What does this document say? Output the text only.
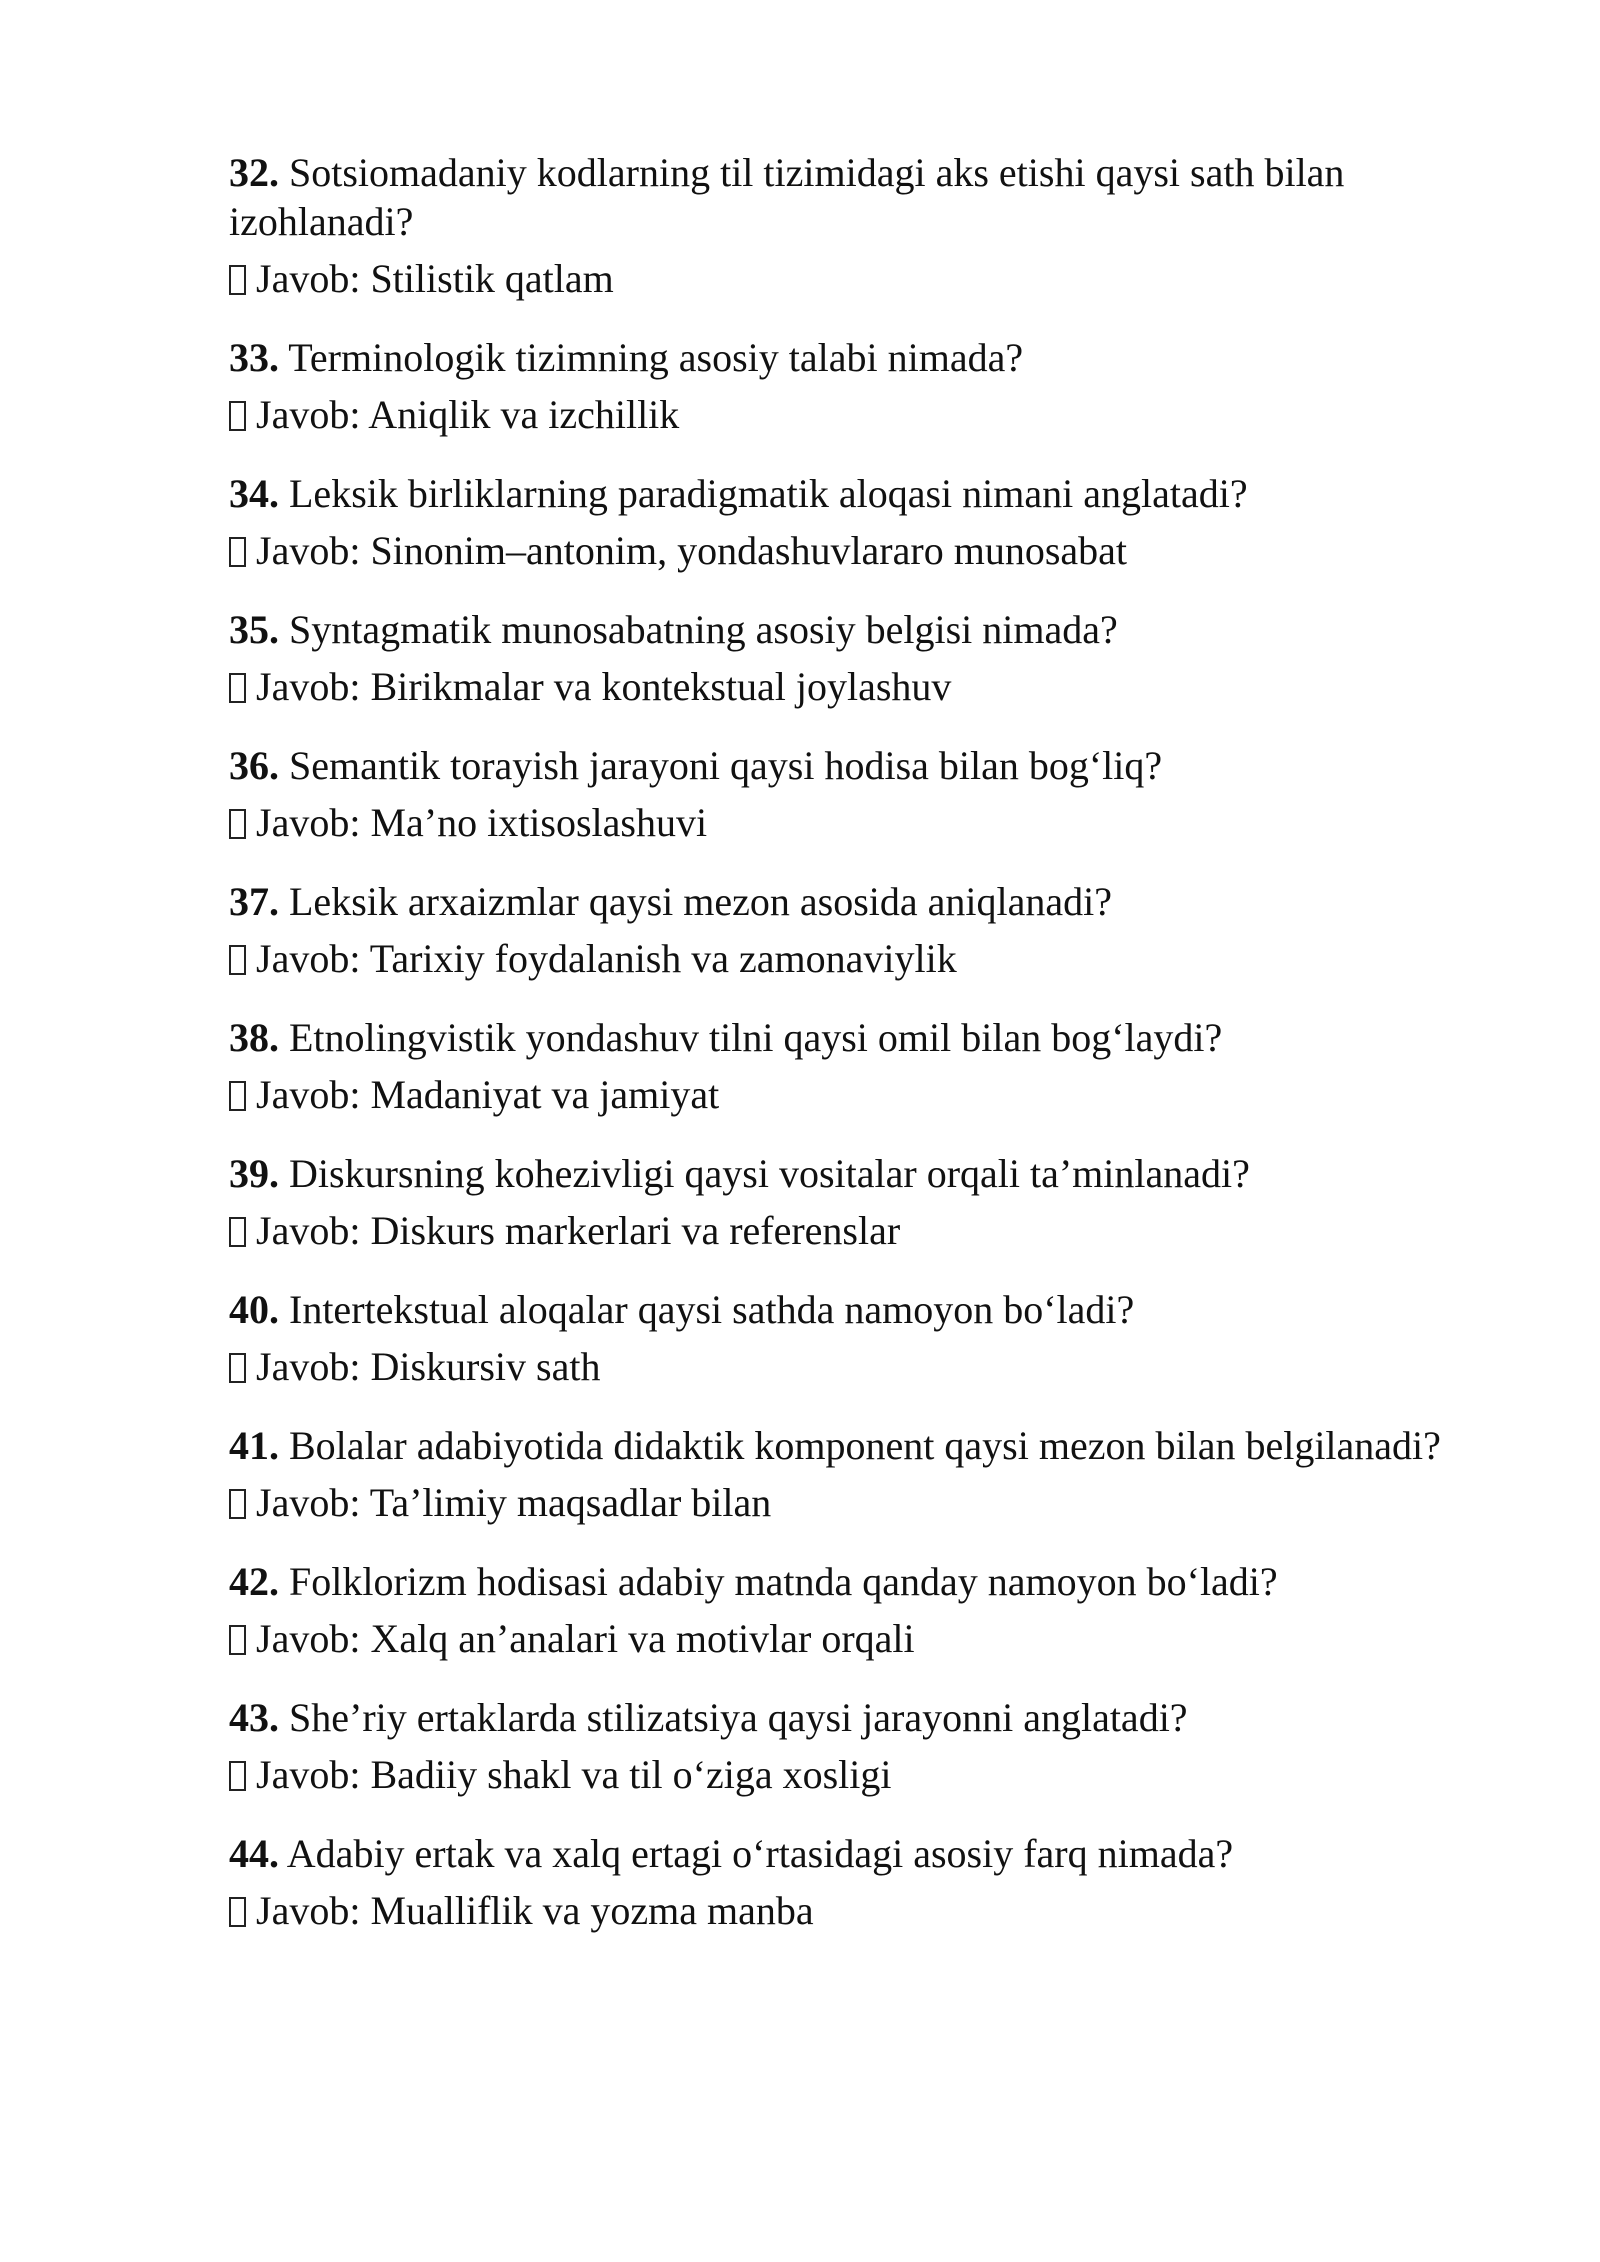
32. Sotsiomadaniy kodlarning til tizimidagi aks etishi qaysi sath bilan izohlanadi?

Javob: Stilistik qatlam

33. Terminologik tizimning asosiy talabi nimada?

Javob: Aniqlik va izchillik

34. Leksik birliklarning paradigmatik aloqasi nimani anglatadi?

Javob: Sinonim–antonim, yondashuvlararo munosabat

35. Syntagmatik munosabatning asosiy belgisi nimada?

Javob: Birikmalar va kontekstual joylashuv

36. Semantik torayish jarayoni qaysi hodisa bilan bog‘liq?

Javob: Ma’no ixtisoslashuvi

37. Leksik arxaizmlar qaysi mezon asosida aniqlanadi?

Javob: Tarixiy foydalanish va zamonaviylik

38. Etnolingvistik yondashuv tilni qaysi omil bilan bog‘laydi?

Javob: Madaniyat va jamiyat

39. Diskursning kohezivligi qaysi vositalar orqali ta’minlanadi?

Javob: Diskurs markerlari va referenslar

40. Intertekstual aloqalar qaysi sathda namoyon bo‘ladi?

Javob: Diskursiv sath

41. Bolalar adabiyotida didaktik komponent qaysi mezon bilan belgilanadi?

Javob: Ta’limiy maqsadlar bilan

42. Folklorizm hodisasi adabiy matnda qanday namoyon bo‘ladi?

Javob: Xalq an’analari va motivlar orqali

43. She’riy ertaklarda stilizatsiya qaysi jarayonni anglatadi?

Javob: Badiiy shakl va til o‘ziga xosligi

44. Adabiy ertak va xalq ertagi o‘rtasidagi asosiy farq nimada?

Javob: Mualliflik va yozma manba
